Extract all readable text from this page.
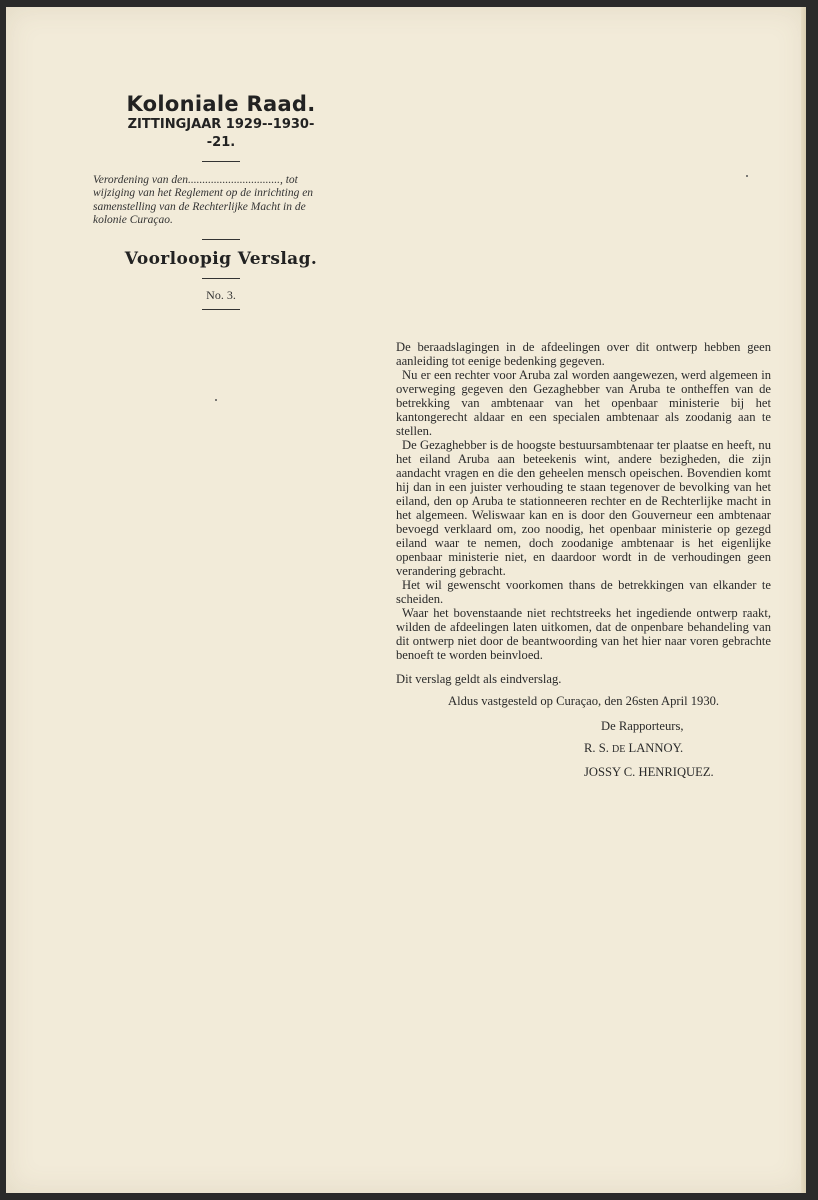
Koloniale Raad.

ZITTINGJAAR 1929--1930--21.

Verordening van den................................, tot wijziging van het Reglement op de inrichting en samenstelling van de Rechterlijke Macht in de kolonie Curaçao.

Voorloopig Verslag.

No. 3.

De beraadslagingen in de afdeelingen over dit ontwerp hebben geen aanleiding tot eenige bedenking gegeven.

Nu er een rechter voor Aruba zal worden aangewezen, werd algemeen in overweging gegeven den Gezaghebber van Aruba te ontheffen van de betrekking van ambtenaar van het openbaar ministerie bij het kantongerecht aldaar en een specialen ambtenaar als zoodanig aan te stellen.

De Gezaghebber is de hoogste bestuursambtenaar ter plaatse en heeft, nu het eiland Aruba aan beteekenis wint, andere bezigheden, die zijn aandacht vragen en die den geheelen mensch opeischen. Bovendien komt hij dan in een juister verhouding te staan tegenover de bevolking van het eiland, den op Aruba te stationneeren rechter en de Rechterlijke macht in het algemeen. Weliswaar kan en is door den Gouverneur een ambtenaar bevoegd verklaard om, zoo noodig, het openbaar ministerie op gezegd eiland waar te nemen, doch zoodanige ambtenaar is het eigenlijke openbaar ministerie niet, en daardoor wordt in de verhoudingen geen verandering gebracht.

Het wil gewenscht voorkomen thans de betrekkingen van elkander te scheiden.

Waar het bovenstaande niet rechtstreeks het ingediende ontwerp raakt, wilden de afdeelingen laten uitkomen, dat de onpenbare behandeling van dit ontwerp niet door de beantwoording van het hier naar voren gebrachte benoeft te worden beinvloed.

Dit verslag geldt als eindverslag.

Aldus vastgesteld op Curaçao, den 26sten April 1930.

De Rapporteurs,

R. S. DE LANNOY.

JOSSY C. HENRIQUEZ.
